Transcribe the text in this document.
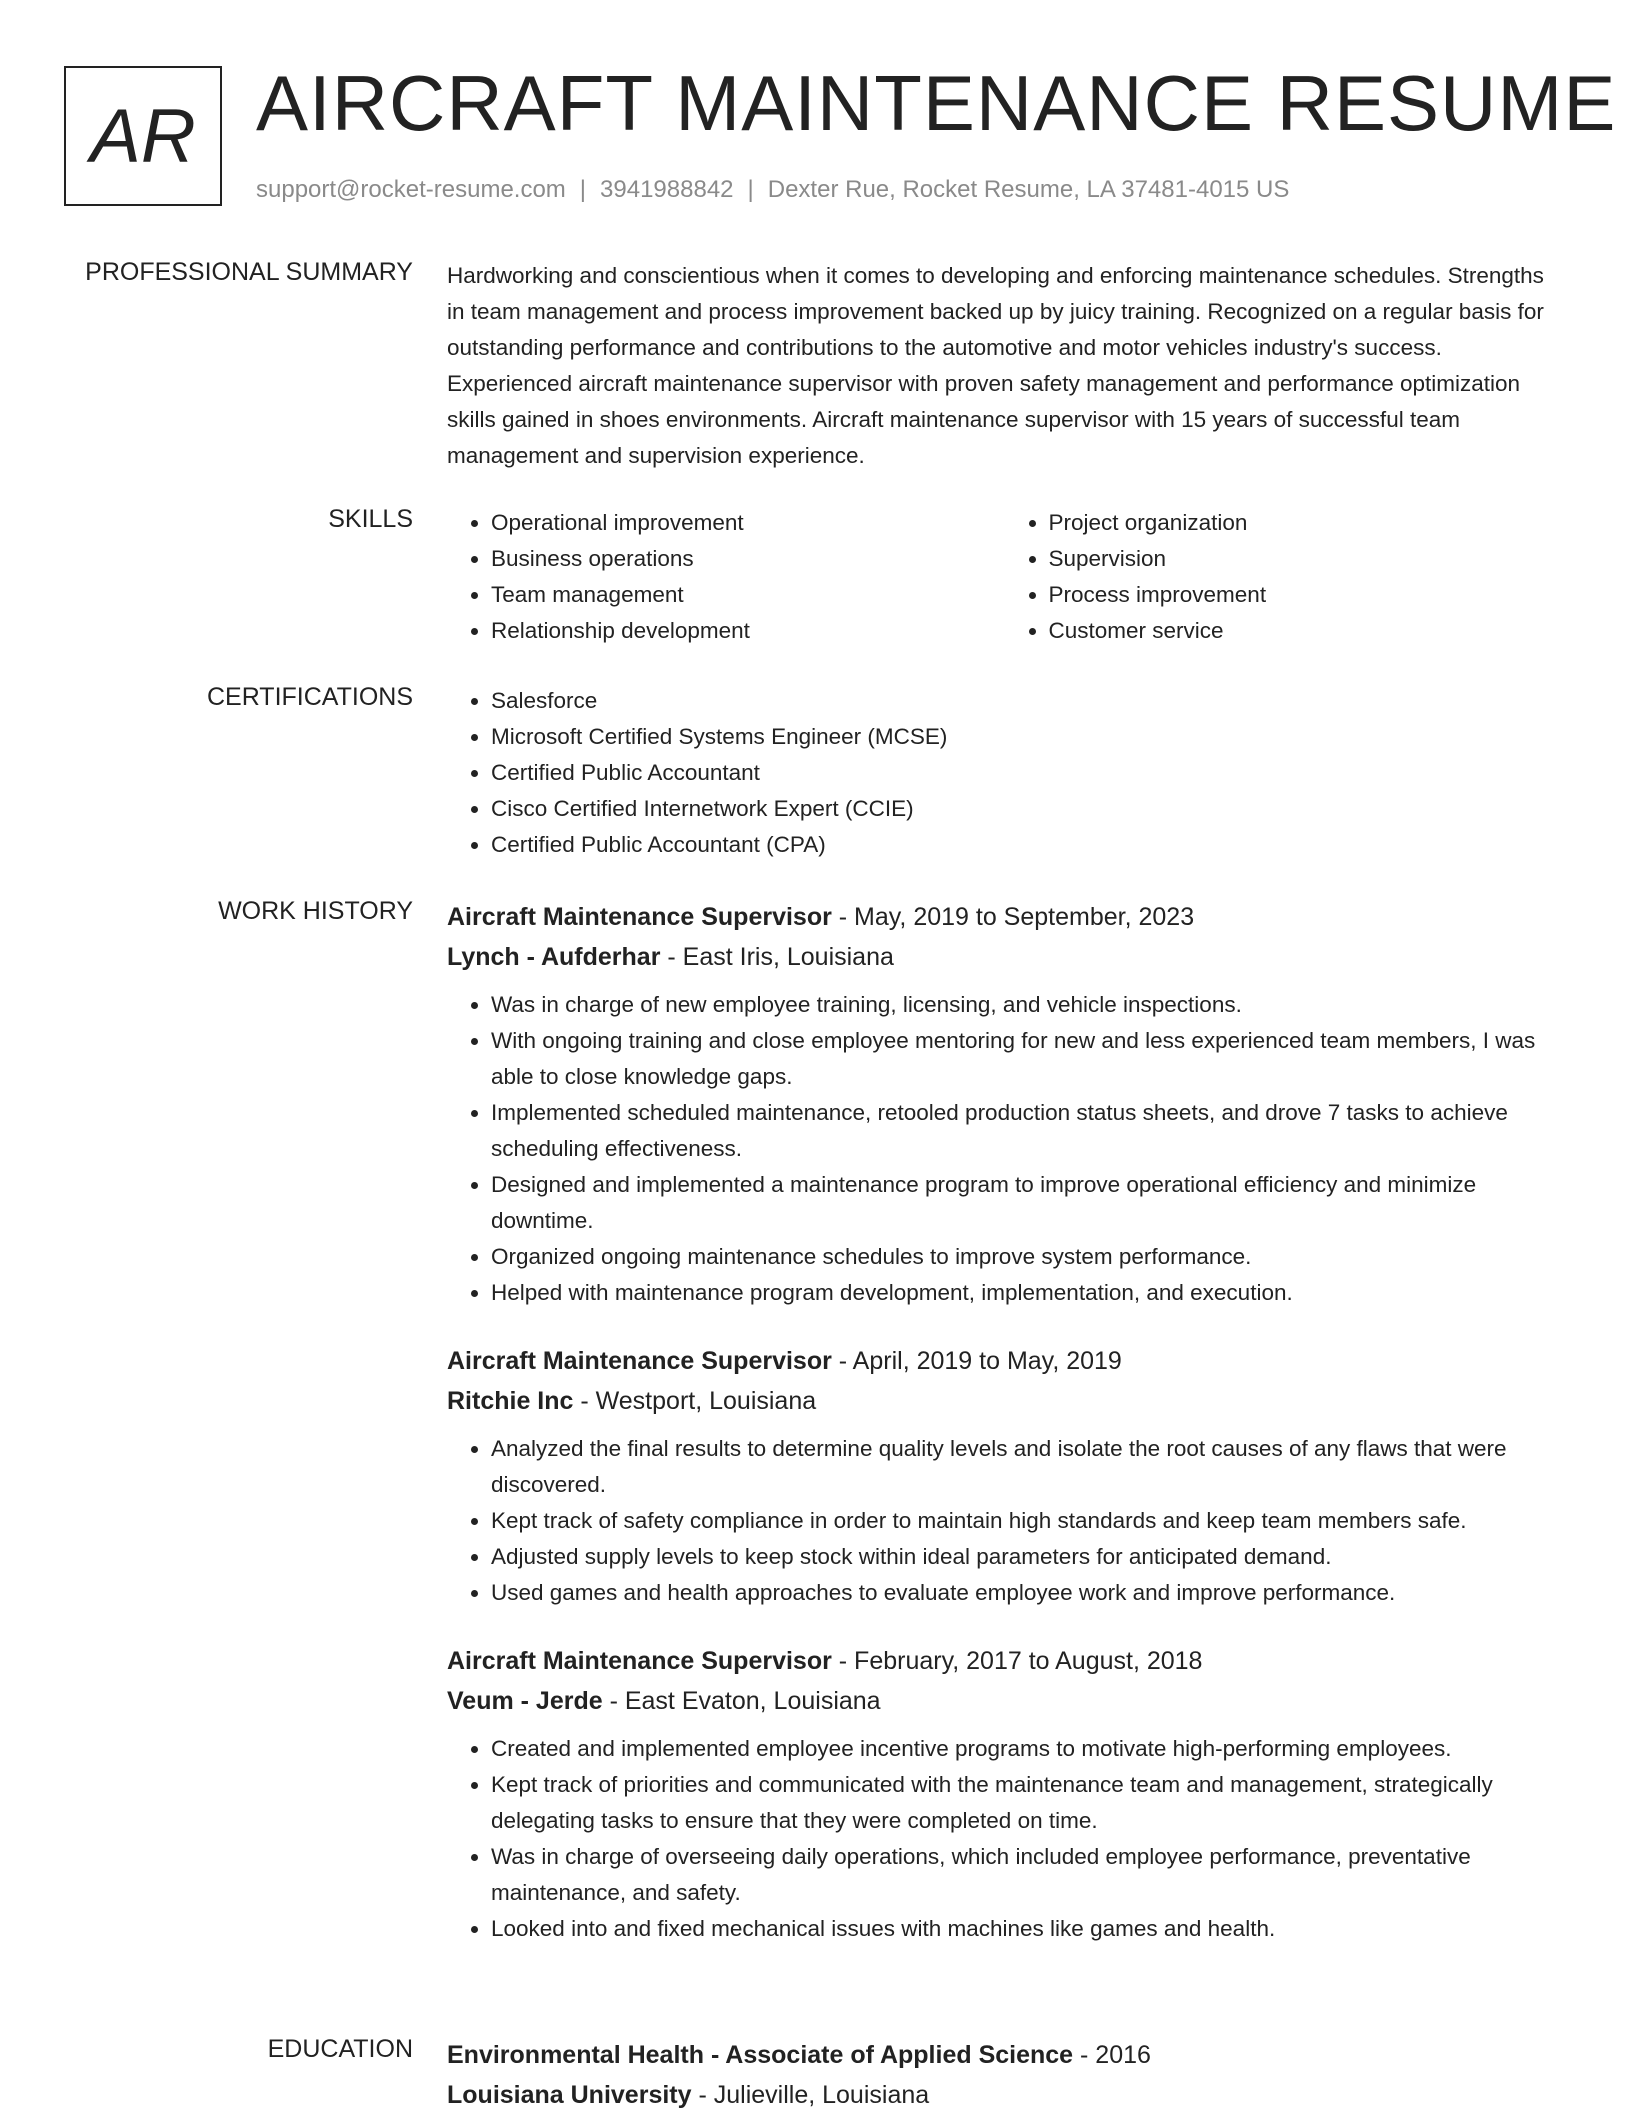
AR AIRCRAFT MAINTENANCE RESUME
support@rocket-resume.com | 3941988842 | Dexter Rue, Rocket Resume, LA 37481-4015 US
PROFESSIONAL SUMMARY Hardworking and conscientious when it comes to developing and enforcing maintenance schedules. Strengths in team management and process improvement backed up by juicy training. Recognized on a regular basis for outstanding performance and contributions to the automotive and motor vehicles industry's success. Experienced aircraft maintenance supervisor with proven safety management and performance optimization skills gained in shoes environments. Aircraft maintenance supervisor with 15 years of successful team management and supervision experience.
SKILLS	• Operational improvement
• Business operations
• Team management
• Relationship development
• Project organization
• Supervision
• Process improvement
• Customer service
CERTIFICATIONS	• Salesforce
• Microsoft Certified Systems Engineer (MCSE)
• Certified Public Accountant
• Cisco Certified Internetwork Expert (CCIE)
• Certified Public Accountant (CPA)
WORK HISTORY Aircraft Maintenance Supervisor - May, 2019 to September, 2023
Lynch - Aufderhar - East Iris, Louisiana
• Was in charge of new employee training, licensing, and vehicle inspections.
• With ongoing training and close employee mentoring for new and less experienced team members, I was able to close knowledge gaps.
• Implemented scheduled maintenance, retooled production status sheets, and drove 7 tasks to achieve scheduling effectiveness.
• Designed and implemented a maintenance program to improve operational efficiency and minimize downtime.
• Organized ongoing maintenance schedules to improve system performance.
• Helped with maintenance program development, implementation, and execution.
Aircraft Maintenance Supervisor - April, 2019 to May, 2019
Ritchie Inc - Westport, Louisiana
• Analyzed the final results to determine quality levels and isolate the root causes of any flaws that were discovered.
• Kept track of safety compliance in order to maintain high standards and keep team members safe.
• Adjusted supply levels to keep stock within ideal parameters for anticipated demand.
• Used games and health approaches to evaluate employee work and improve performance.
Aircraft Maintenance Supervisor - February, 2017 to August, 2018
Veum - Jerde - East Evaton, Louisiana
• Created and implemented employee incentive programs to motivate high-performing employees.
• Kept track of priorities and communicated with the maintenance team and management, strategically delegating tasks to ensure that they were completed on time.
• Was in charge of overseeing daily operations, which included employee performance, preventative maintenance, and safety.
• Looked into and fixed mechanical issues with machines like games and health.
EDUCATION Environmental Health - Associate of Applied Science - 2016
Louisiana University - Julieville, Louisiana
